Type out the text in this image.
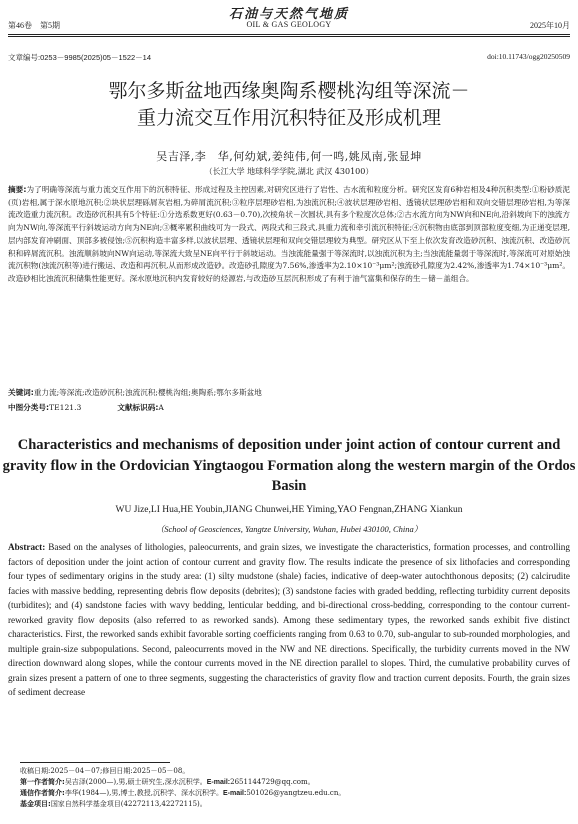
石油与天然气地质
第46卷　第5期	OIL & GAS GEOLOGY	2025年10月
文章编号:0253－9985(2025)05－1522－14	doi:10.11743/ogg20250509
鄂尔多斯盆地西缘奥陶系樱桃沟组等深流－
重力流交互作用沉积特征及形成机理
吴吉泽,李　华,何幼斌,姜纯伟,何一鸣,姚凤南,张显坤
（长江大学 地球科学学院,湖北 武汉 430100）
摘要:为了明确等深流与重力流交互作用下的沉积特征、形成过程及主控因素,对研究区进行了岩性、古水流和粒度分析。研究区发育6种岩相及4种沉积类型:①粉砂质泥(页)岩相,属于深水原地沉积;②块状层理砾屑灰岩相,为碎屑流沉积;③粒序层理砂岩相,为浊流沉积;④波状层理砂岩相、透镜状层理砂岩相和双向交错层理砂岩相,为等深流改造重力流沉积。改造砂沉积具有5个特征:①分选系数更好(0.63－0.70),次棱角状－次圆状,具有多个粒度次总体;②古水流方向为NW向和NE向,沿斜坡向下的浊流方向为NW向,等深流平行斜坡运动方向为NE向;③概率累积曲线可为一段式、两段式和三段式,具重力流和牵引流沉积特征;④沉积物由底部到顶部粒度变细,为正递变层理,层内部发育冲刷面、顶部多被侵蚀;⑤沉积构造丰富多样,以波状层理、透镜状层理和双向交错层理较为典型。研究区从下至上依次发育改造砂沉积、浊流沉积、改造砂沉积和碎屑流沉积。浊流顺斜坡向NW向运动,等深流大致呈NE向平行于斜坡运动。当浊流能量强于等深流时,以浊流沉积为主;当浊流能量弱于等深流时,等深流可对原始浊流沉积物(浊流沉积等)进行搬运、改造和再沉积,从而形成改造砂。改造砂孔隙度为7.56%,渗透率为2.10×10⁻³μm²;浊流砂孔隙度为2.42%,渗透率为1.74×10⁻³μm²。改造砂相比浊流沉积储集性能更好。深水原地沉积内发育较好的烃源岩,与改造砂互层沉积形成了有利于油气富集和保存的生－储－盖组合。
关键词:重力流;等深流;改造砂沉积;浊流沉积;樱桃沟组;奥陶系;鄂尔多斯盆地
中图分类号:TE121.3	文献标识码:A
Characteristics and mechanisms of deposition under joint action of contour current and gravity flow in the Ordovician Yingtaogou Formation along the western margin of the Ordos Basin
WU Jize,LI Hua,HE Youbin,JIANG Chunwei,HE Yiming,YAO Fengnan,ZHANG Xiankun
（School of Geosciences, Yangtze University, Wuhan, Hubei 430100, China）
Abstract: Based on the analyses of lithologies, paleocurrents, and grain sizes, we investigate the characteristics, formation processes, and controlling factors of deposition under the joint action of contour current and gravity flow. The results indicate the presence of six lithofacies and corresponding four types of sedimentary origins in the study area: (1) silty mudstone (shale) facies, indicative of deep-water autochthonous deposits; (2) calcirudite facies with massive bedding, representing debris flow deposits (debrites); (3) sandstone facies with graded bedding, reflecting turbidity current deposits (turbidites); and (4) sandstone facies with wavy bedding, lenticular bedding, and bi-directional cross-bedding, corresponding to the contour current-reworked gravity flow deposits (also referred to as reworked sands). Among these sedimentary types, the reworked sands exhibit five distinct characteristics. First, the reworked sands exhibit favorable sorting coefficients ranging from 0.63 to 0.70, sub-angular to sub-rounded morphologies, and multiple grain-size subpopulations. Second, paleocurrents moved in the NW and NE directions. Specifically, the turbidity currents moved in the NW direction downward along slopes, while the contour currents moved in the NE direction parallel to slopes. Third, the cumulative probability curves of grain sizes present a pattern of one to three segments, suggesting the characteristics of gravity flow and traction current deposits. Fourth, the grain sizes of sediment decrease
收稿日期:2025－04－07;修回日期:2025－05－08。
第一作者简介:吴吉泽(2000—),男,硕士研究生,深水沉积学。E-mail:2651144729@qq.com。
通信作者简介:李华(1984—),男,博士,教授,沉积学、深水沉积学。E-mail:501026@yangtzeu.edu.cn。
基金项目:国家自然科学基金项目(42272113,42272115)。
